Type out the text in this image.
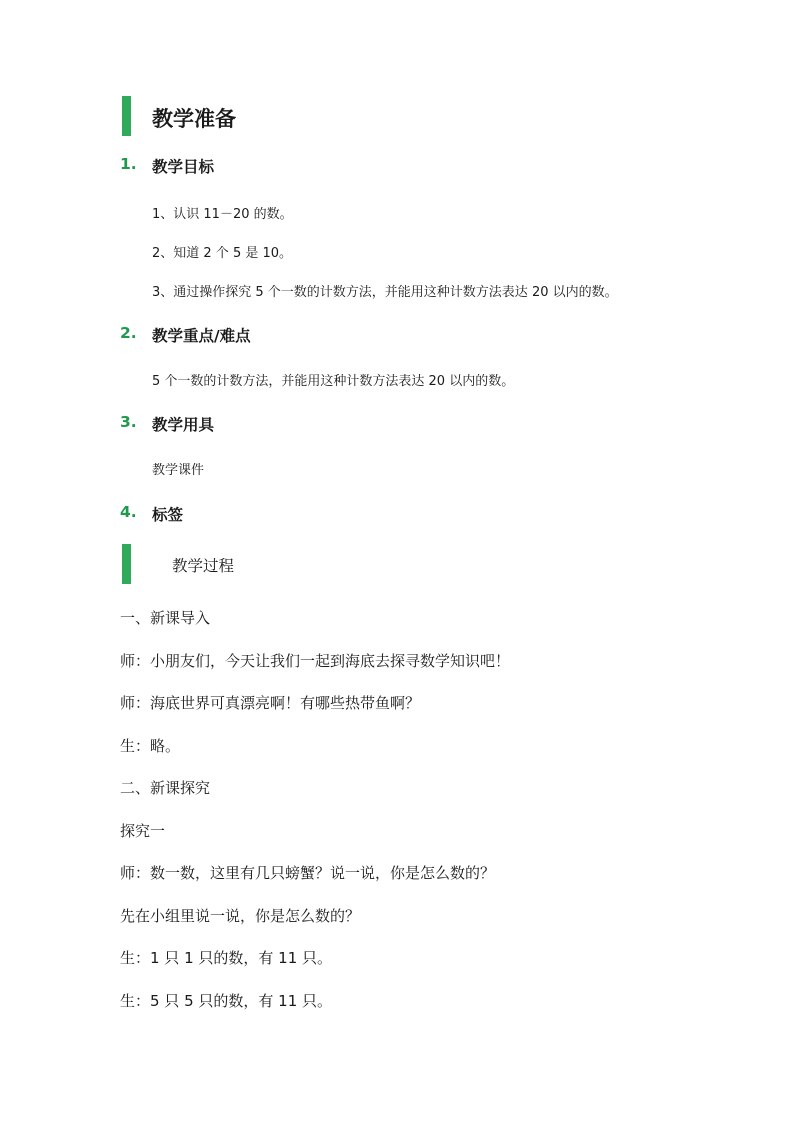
教学准备
1. 教学目标
1、认识 11－20 的数。
2、知道 2 个 5 是 10。
3、通过操作探究 5 个一数的计数方法，并能用这种计数方法表达 20 以内的数。
2. 教学重点/难点
5 个一数的计数方法，并能用这种计数方法表达 20 以内的数。
3. 教学用具
教学课件
4. 标签
教学过程
一、新课导入
师：小朋友们，今天让我们一起到海底去探寻数学知识吧！
师：海底世界可真漂亮啊！有哪些热带鱼啊？
生：略。
二、新课探究
探究一
师：数一数，这里有几只螃蟹？说一说，你是怎么数的？
先在小组里说一说，你是怎么数的？
生：1 只 1 只的数，有 11 只。
生：5 只 5 只的数，有 11 只。
